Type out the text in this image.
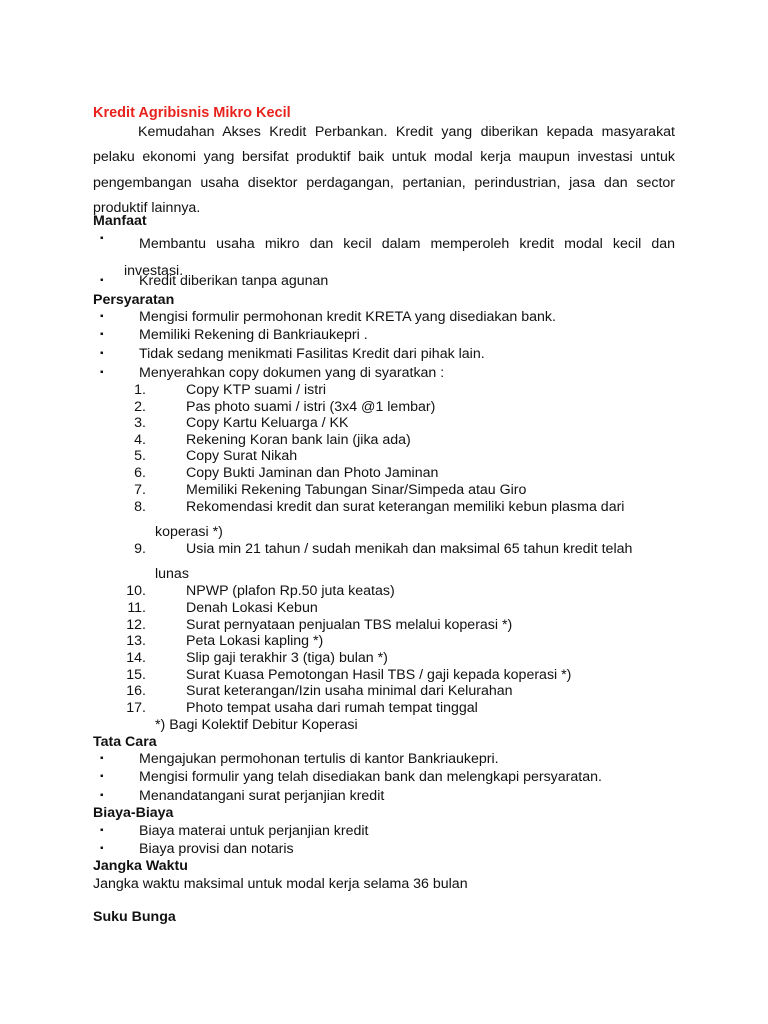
Kredit Agribisnis Mikro Kecil
Kemudahan Akses Kredit Perbankan. Kredit yang diberikan kepada masyarakat pelaku ekonomi yang bersifat produktif baik untuk modal kerja maupun investasi untuk pengembangan usaha disektor perdagangan, pertanian, perindustrian, jasa dan sector produktif lainnya.
Manfaat
▪	Membantu usaha mikro dan kecil dalam memperoleh kredit modal kecil dan investasi.
▪ Kredit diberikan tanpa agunan
Persyaratan
▪ Mengisi formulir permohonan kredit KRETA yang disediakan bank.
▪ Memiliki Rekening di Bankriaukepri .
▪ Tidak sedang menikmati Fasilitas Kredit dari pihak lain.
▪ Menyerahkan copy dokumen yang di syaratkan :
1.	Copy KTP suami / istri
2.	Pas photo suami / istri (3x4 @1 lembar)
3.	Copy Kartu Keluarga / KK
4.	Rekening Koran bank lain (jika ada)
5.	Copy Surat Nikah
6.	Copy Bukti Jaminan dan Photo Jaminan
7.	Memiliki Rekening Tabungan Sinar/Simpeda atau Giro
8.	Rekomendasi kredit dan surat keterangan memiliki kebun plasma dari
koperasi *)
9.	Usia min 21 tahun / sudah menikah dan maksimal 65 tahun kredit telah
lunas
10.	NPWP (plafon Rp.50 juta keatas)
11.	Denah Lokasi Kebun
12.	Surat pernyataan penjualan TBS melalui koperasi *)
13.	Peta Lokasi kapling *)
14.	Slip gaji terakhir 3 (tiga) bulan *)
15.	Surat Kuasa Pemotongan Hasil TBS / gaji kepada koperasi *)
16.	Surat keterangan/Izin usaha minimal dari Kelurahan
17.	Photo tempat usaha dari rumah tempat tinggal
*) Bagi Kolektif Debitur Koperasi
Tata Cara
▪ Mengajukan permohonan tertulis di kantor Bankriaukepri.
▪ Mengisi formulir yang telah disediakan bank dan melengkapi persyaratan.
▪ Menandatangani surat perjanjian kredit
Biaya-Biaya
▪ Biaya materai untuk perjanjian kredit
▪ Biaya provisi dan notaris
Jangka Waktu
Jangka waktu maksimal untuk modal kerja selama 36 bulan
Suku Bunga
